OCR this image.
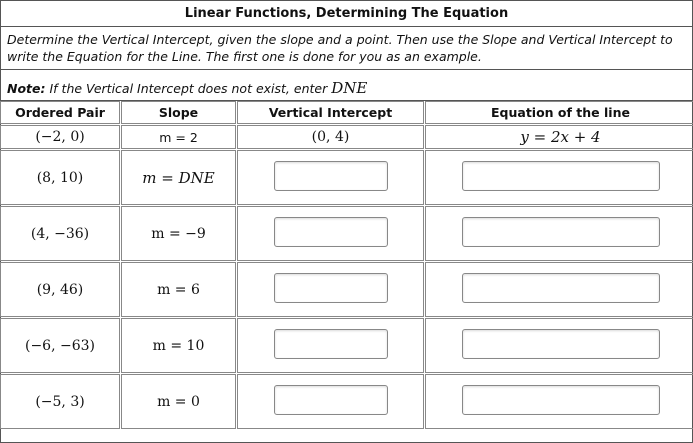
Linear Functions, Determining The Equation
Determine the Vertical Intercept, given the slope and a point. Then use the Slope and Vertical Intercept to write the Equation for the Line. The first one is done for you as an example.
Note: If the Vertical Intercept does not exist, enter DNE
Ordered Pair	Slope	Vertical Intercept	Equation of the line
(−2, 0)	m = 2	(0, 4)	y = 2x + 4
(8, 10)	m = DNE		
(4, −36)	m = −9		
(9, 46)	m = 6		
(−6, −63)	m = 10		
(−5, 3)	m = 0		
